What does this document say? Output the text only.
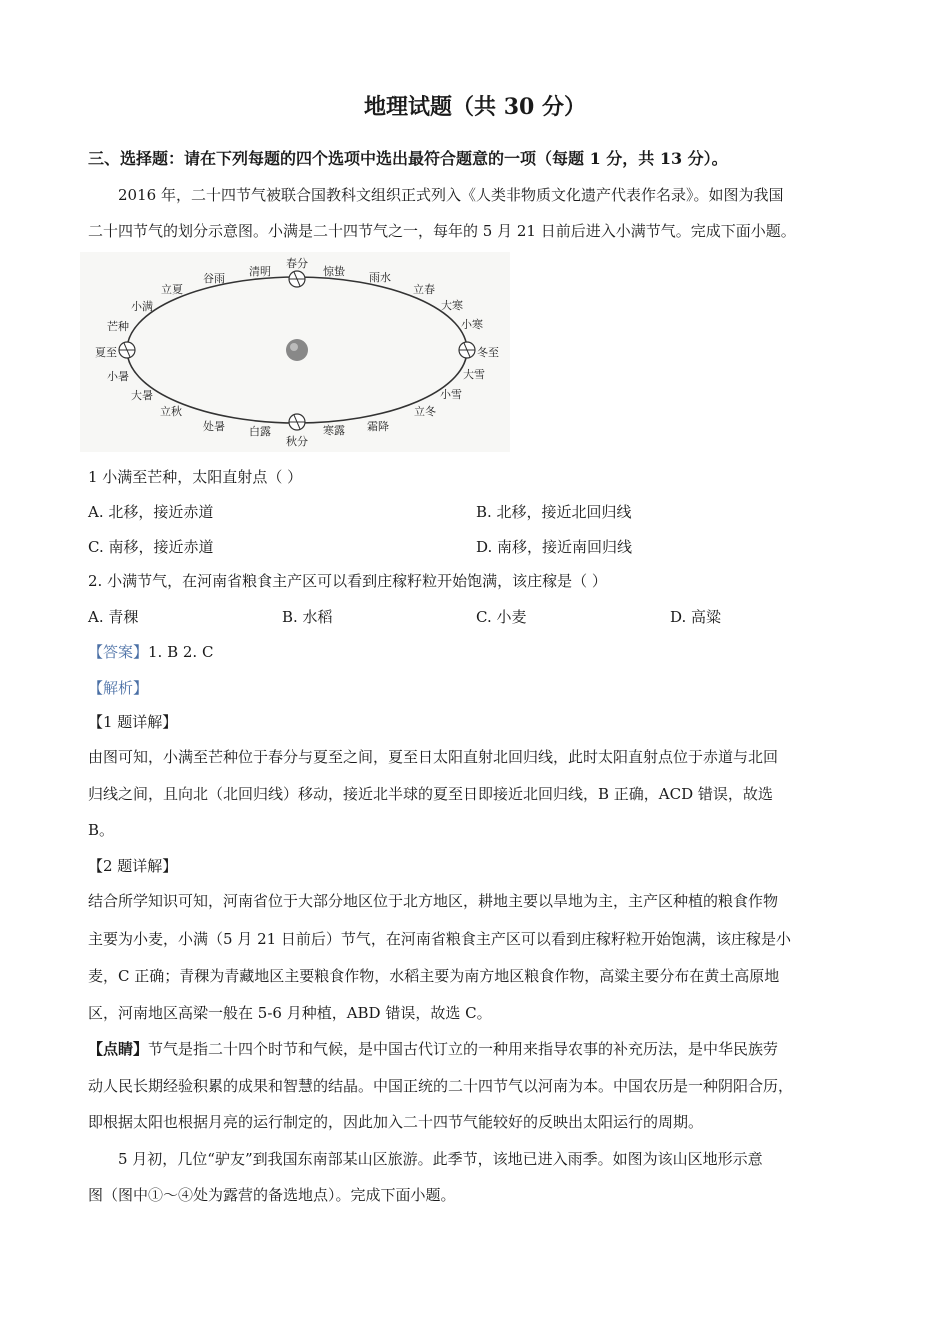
地理试题（共 30 分）
三、选择题：请在下列每题的四个选项中选出最符合题意的一项（每题 1 分，共 13 分）。
2016 年，二十四节气被联合国教科文组织正式列入《人类非物质文化遗产代表作名录》。如图为我国
二十四节气的划分示意图。小满是二十四节气之一，每年的 5 月 21 日前后进入小满节气。完成下面小题。
春分
惊蛰 雨水
立春
大寒
小寒
冬至
大雪
小雪
立冬
霜降
寒露
秋分
白露
处暑
立秋
大暑
小暑
夏至
芒种
小满
立夏
谷雨
清明
1 小满至芒种，太阳直射点（ ）
A. 北移，接近赤道	B. 北移，接近北回归线
C. 南移，接近赤道	D. 南移，接近南回归线
2. 小满节气，在河南省粮食主产区可以看到庄稼籽粒开始饱满，该庄稼是（ ）
A. 青稞	B. 水稻	C. 小麦	D. 高粱
【答案】1. B 2. C
【解析】
【1 题详解】
由图可知，小满至芒种位于春分与夏至之间，夏至日太阳直射北回归线，此时太阳直射点位于赤道与北回
归线之间，且向北（北回归线）移动，接近北半球的夏至日即接近北回归线，B 正确，ACD 错误，故选
B。
【2 题详解】
结合所学知识可知，河南省位于大部分地区位于北方地区，耕地主要以旱地为主，主产区种植的粮食作物
主要为小麦，小满（5 月 21 日前后）节气，在河南省粮食主产区可以看到庄稼籽粒开始饱满，该庄稼是小
麦，C 正确；青稞为青藏地区主要粮食作物，水稻主要为南方地区粮食作物，高粱主要分布在黄土高原地
区，河南地区高梁一般在 5-6 月种植，ABD 错误，故选 C。
【点睛】节气是指二十四个时节和气候，是中国古代订立的一种用来指导农事的补充历法，是中华民族劳
动人民长期经验积累的成果和智慧的结晶。中国正统的二十四节气以河南为本。中国农历是一种阴阳合历，
即根据太阳也根据月亮的运行制定的，因此加入二十四节气能较好的反映出太阳运行的周期。
5 月初，几位“驴友”到我国东南部某山区旅游。此季节，该地已进入雨季。如图为该山区地形示意
图（图中①～④处为露营的备选地点）。完成下面小题。
